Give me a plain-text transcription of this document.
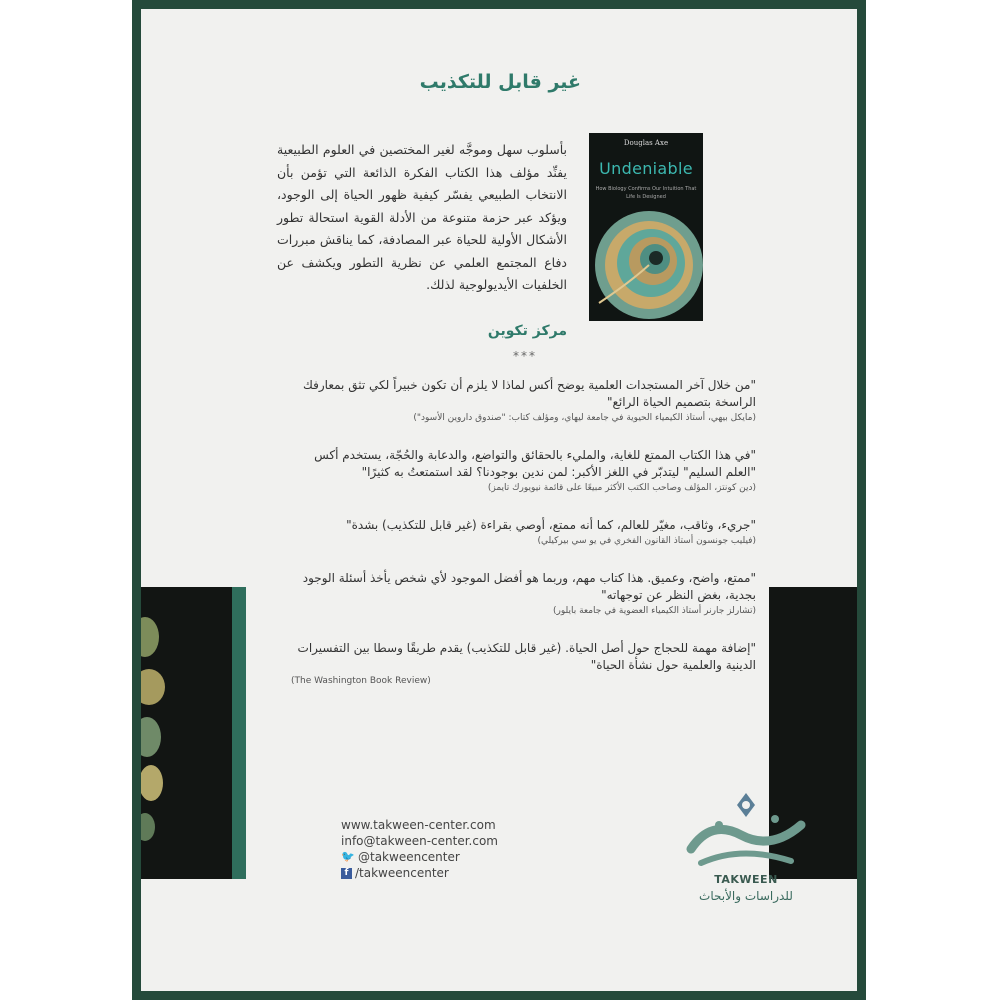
غير قابل للتكذيب
Douglas Axe
Undeniable
How Biology Confirms Our Intuition That Life Is Designed
بأسلوب سهل وموجَّه لغير المختصين في العلوم الطبيعية يفنِّد مؤلف هذا الكتاب الفكرة الذائعة التي تؤمن بأن الانتخاب الطبيعي يفسّر كيفية ظهور الحياة إلى الوجود، ويؤكد عبر حزمة متنوعة من الأدلة القوية استحالة تطور الأشكال الأولية للحياة عبر المصادفة، كما يناقش مبررات دفاع المجتمع العلمي عن نظرية التطور ويكشف عن الخلفيات الأيديولوجية لذلك.
مركز تكوين
***
"من خلال آخر المستجدات العلمية يوضح أكس لماذا لا يلزم أن تكون خبيراً لكي تثق بمعارفك الراسخة بتصميم الحياة الرائع"
(مايكل بيهي، أستاذ الكيمياء الحيوية في جامعة ليهاي، ومؤلف كتاب: "صندوق داروين الأسود")
"في هذا الكتاب الممتع للغاية، والمليء بالحقائق والتواضع، والدعابة والحُجّة، يستخدم أكس "العلم السليم" ليتدبّر في اللغز الأكبر: لمن ندين بوجودنا؟ لقد استمتعتُ به كثيرًا"
(دين كونتز، المؤلف وصاحب الكتب الأكثر مبيعًا على قائمة نيويورك تايمز)
"جريء، وثاقب، مغيّر للعالم، كما أنه ممتع، أوصي بقراءة (غير قابل للتكذيب) بشدة"
(فيليب جونسون أستاذ القانون الفخري في يو سي بيركيلي)
"ممتع، واضح، وعميق. هذا كتاب مهم، وربما هو أفضل الموجود لأي شخص يأخذ أسئلة الوجود بجدية، بغض النظر عن توجهاته"
(تشارلز جارنر أستاذ الكيمياء العضوية في جامعة بايلور)
"إضافة مهمة للحجاج حول أصل الحياة. (غير قابل للتكذيب) يقدم طريقًا وسطا بين التفسيرات الدينية والعلمية حول نشأة الحياة"
(The Washington Book Review)
www.takween-center.com
info@takween-center.com
🐦 @takweencenter
f /takweencenter	TAKWEEN
للدراسات والأبحاث
